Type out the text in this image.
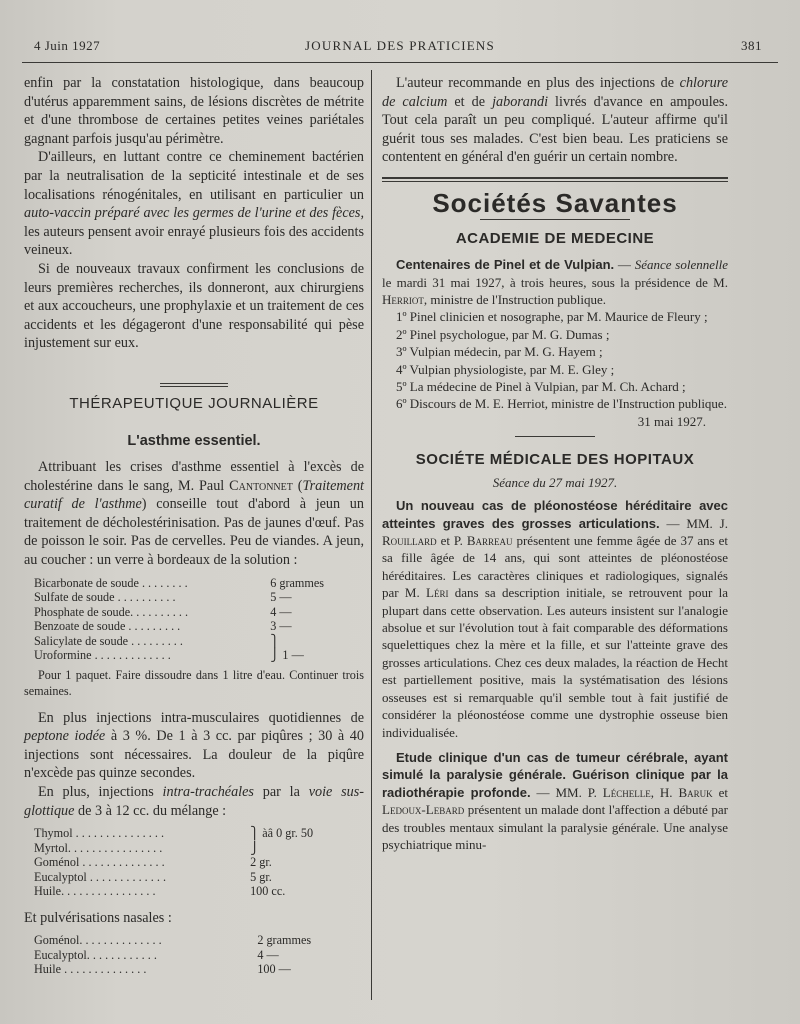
4 Juin 1927	JOURNAL DES PRATICIENS	381

enfin par la constatation histologique, dans beaucoup d'utérus apparemment sains, de lésions discrètes de métrite et d'une thrombose de certaines petites veines pariétales gagnant parfois jusqu'au périmètre.

D'ailleurs, en luttant contre ce cheminement bactérien par la neutralisation de la septicité intestinale et de ses localisations rénogénitales, en utilisant en particulier un auto-vaccin préparé avec les germes de l'urine et des fèces, les auteurs pensent avoir enrayé plusieurs fois des accidents veineux.

Si de nouveaux travaux confirment les conclusions de leurs premières recherches, ils donneront, aux chirurgiens et aux accoucheurs, une prophylaxie et un traitement de ces accidents et les dégageront d'une responsabilité qui pèse injustement sur eux.

THÉRAPEUTIQUE JOURNALIÈRE
L'asthme essentiel.

Attribuant les crises d'asthme essentiel à l'excès de cholestérine dans le sang, M. Paul Cantonnet (Traitement curatif de l'asthme) conseille tout d'abord à jeun un traitement de décholestérinisation. Pas de jaunes d'œuf. Pas de poisson le soir. Pas de cervelles. Peu de viandes. A jeun, au coucher : un verre à bordeaux de la solution :

Bicarbonate de soude . . . . . . . .	6 grammes
Sulfate de soude . . . . . . . . . .	5 —
Phosphate de soude. . . . . . . . . .	4 —
Benzoate de soude . . . . . . . . .	3 —
Salicylate de soude . . . . . . . . .	⎫
Uroformine . . . . . . . . . . . . .	⎭ 1 —

Pour 1 paquet. Faire dissoudre dans 1 litre d'eau. Continuer trois semaines.

En plus injections intra-musculaires quotidiennes de peptone iodée à 3 %. De 1 à 3 cc. par piqûres ; 30 à 40 injections sont nécessaires. La douleur de la piqûre n'excède pas quinze secondes.

En plus, injections intra-trachéales par la voie sus-glottique de 3 à 12 cc. du mélange :

Thymol . . . . . . . . . . . . . . .	⎫ àâ 0 gr. 50
Myrtol. . . . . . . . . . . . . . . .	⎭
Goménol . . . . . . . . . . . . . .	2 gr.
Eucalyptol . . . . . . . . . . . . .	5 gr.
Huile. . . . . . . . . . . . . . . .	100 cc.

Et pulvérisations nasales :

Goménol. . . . . . . . . . . . . .	2 grammes
Eucalyptol. . . . . . . . . . . .	4 —
Huile . . . . . . . . . . . . . .	100 —

L'auteur recommande en plus des injections de chlorure de calcium et de jaborandi livrés d'avance en ampoules. Tout cela paraît un peu compliqué. L'auteur affirme qu'il guérit tous ses malades. C'est bien beau. Les praticiens se contentent en général d'en guérir un certain nombre.

Sociétés Savantes
ACADEMIE DE MEDECINE

Centenaires de Pinel et de Vulpian. — Séance solennelle le mardi 31 mai 1927, à trois heures, sous la présidence de M. Herriot, ministre de l'Instruction publique.

1º Pinel clinicien et nosographe, par M. Maurice de Fleury ;

2º Pinel psychologue, par M. G. Dumas ;

3º Vulpian médecin, par M. G. Hayem ;

4º Vulpian physiologiste, par M. E. Gley ;

5º La médecine de Pinel à Vulpian, par M. Ch. Achard ;

6º Discours de M. E. Herriot, ministre de l'Instruction publique.

31 mai 1927.

SOCIÉTE MÉDICALE DES HOPITAUX

Séance du 27 mai 1927.

Un nouveau cas de pléonostéose héréditaire avec atteintes graves des grosses articulations. — MM. J. Rouillard et P. Barreau présentent une femme âgée de 37 ans et sa fille âgée de 14 ans, qui sont atteintes de pléonostéose héréditaires. Les caractères cliniques et radiologiques, signalés par M. Léri dans sa description initiale, se retrouvent pour la plupart dans cette observation. Les auteurs insistent sur l'analogie absolue et sur l'évolution tout à fait comparable des déformations squelettiques chez la mère et la fille, et sur l'atteinte grave des grosses articulations. Chez ces deux malades, la réaction de Hecht est partiellement positive, mais la systématisation des lésions osseuses est si remarquable qu'il semble tout à fait justifié de considérer la pléonostéose comme une dystrophie osseuse bien individualisée.

Etude clinique d'un cas de tumeur cérébrale, ayant simulé la paralysie générale. Guérison clinique par la radiothérapie profonde. — MM. P. Léchelle, H. Baruk et Ledoux-Lebard présentent un malade dont l'affection a débuté par des troubles mentaux simulant la paralysie générale. Une analyse psychiatrique minu-
